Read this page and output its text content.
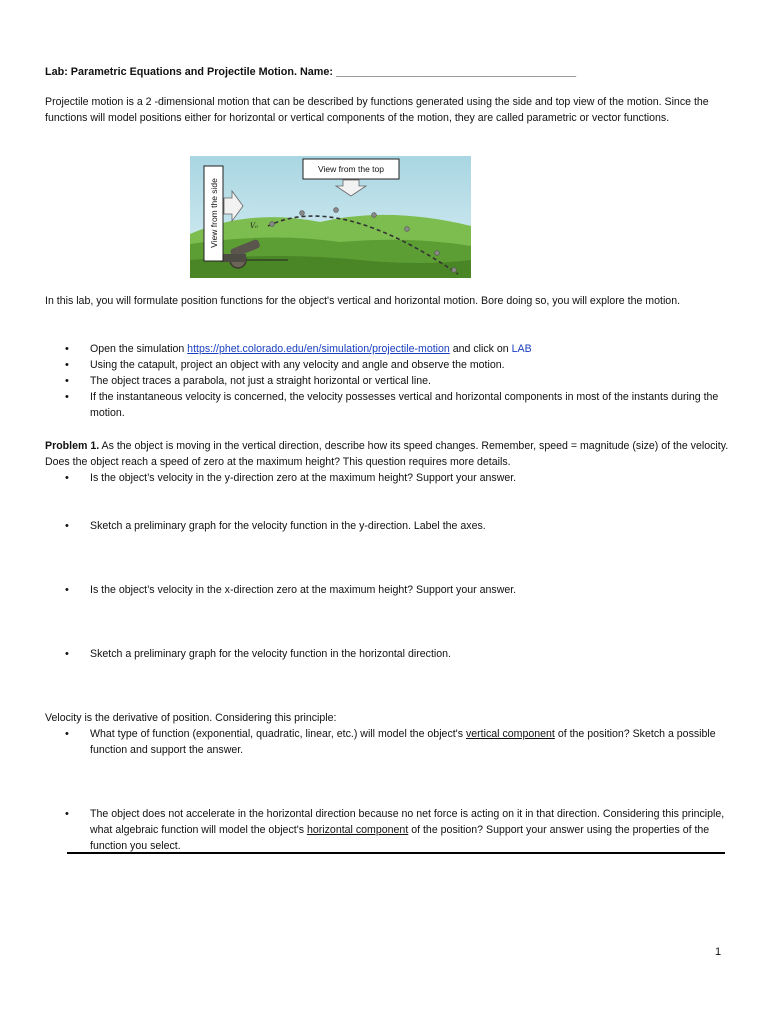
Lab: Parametric Equations and Projectile Motion. Name: ________________________________________

Projectile motion is a 2 -dimensional motion that can be described by functions generated using the side and top view of the motion. Since the functions will model positions either for horizontal or vertical components of the motion, they are called parametric or vector functions.

V₀
View from the top
View from the side

In this lab, you will formulate position functions for the object's vertical and horizontal motion. Bore doing so, you will explore the motion.

• Open the simulation https://phet.colorado.edu/en/simulation/projectile-motion and click on LAB
• Using the catapult, project an object with any velocity and angle and observe the motion.
• The object traces a parabola, not just a straight horizontal or vertical line.
• If the instantaneous velocity is concerned, the velocity possesses vertical and horizontal components in most of the instants during the motion.

Problem 1. As the object is moving in the vertical direction, describe how its speed changes. Remember, speed = magnitude (size) of the velocity. Does the object reach a speed of zero at the maximum height? This question requires more details.

• Is the object’s velocity in the y-direction zero at the maximum height? Support your answer.
• Sketch a preliminary graph for the velocity function in the y-direction. Label the axes.
• Is the object’s velocity in the x-direction zero at the maximum height? Support your answer.
• Sketch a preliminary graph for the velocity function in the horizontal direction.

Velocity is the derivative of position. Considering this principle:

• What type of function (exponential, quadratic, linear, etc.) will model the object's vertical component of the position? Sketch a possible function and support the answer.
• The object does not accelerate in the horizontal direction because no net force is acting on it in that direction. Considering this principle, what algebraic function will model the object's horizontal component of the position? Support your answer using the properties of the function you select.

1
